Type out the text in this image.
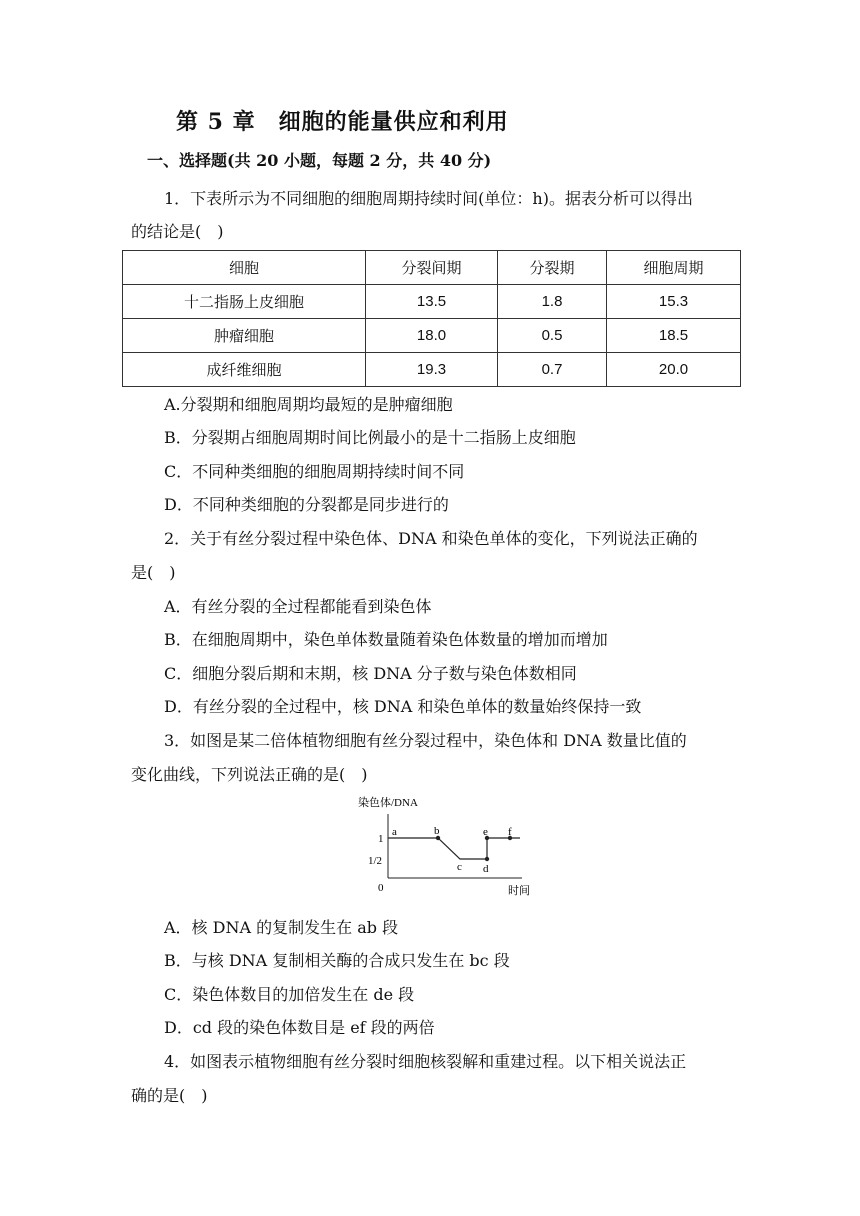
第 5 章　细胞的能量供应和利用
一、选择题(共 20 小题，每题 2 分，共 40 分)
1．下表所示为不同细胞的细胞周期持续时间(单位：h)。据表分析可以得出
的结论是(　)
细胞	分裂间期	分裂期	细胞周期
十二指肠上皮细胞	13.5	1.8	15.3
肿瘤细胞	18.0	0.5	18.5
成纤维细胞	19.3	0.7	20.0
A.分裂期和细胞周期均最短的是肿瘤细胞
B．分裂期占细胞周期时间比例最小的是十二指肠上皮细胞
C．不同种类细胞的细胞周期持续时间不同
D．不同种类细胞的分裂都是同步进行的
2．关于有丝分裂过程中染色体、DNA 和染色单体的变化，下列说法正确的
是(　)
A．有丝分裂的全过程都能看到染色体
B．在细胞周期中，染色单体数量随着染色体数量的增加而增加
C．细胞分裂后期和末期，核 DNA 分子数与染色体数相同
D．有丝分裂的全过程中，核 DNA 和染色单体的数量始终保持一致
3．如图是某二倍体植物细胞有丝分裂过程中，染色体和 DNA 数量比值的
变化曲线，下列说法正确的是(　)
染色体/DNA
0	时间
1
1/2
a	b
c d
e f
A．核 DNA 的复制发生在 ab 段
B．与核 DNA 复制相关酶的合成只发生在 bc 段
C．染色体数目的加倍发生在 de 段
D．cd 段的染色体数目是 ef 段的两倍
4．如图表示植物细胞有丝分裂时细胞核裂解和重建过程。以下相关说法正
确的是(　)
